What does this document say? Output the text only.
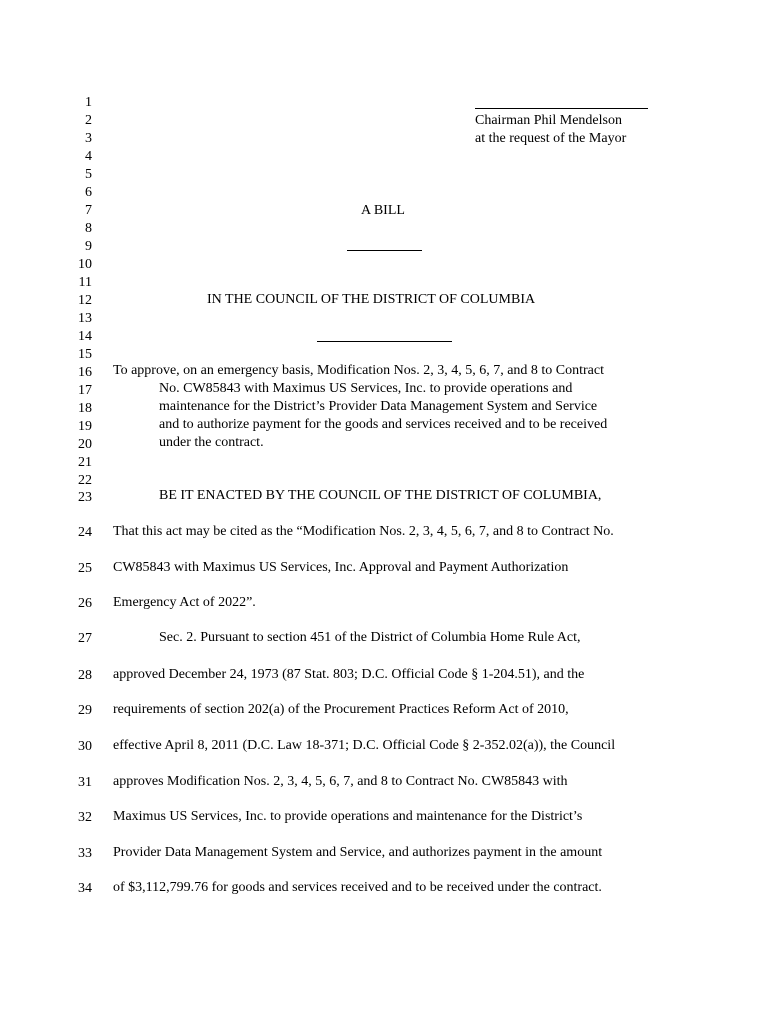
1
2
3
4
5
6
7
8
9
10
11
12
13
14
15
16
17
18
19
20
21
22
23
24
25
26
27
28
29
30
31
32
33
34
Chairman Phil Mendelson
at the request of the Mayor
A BILL
IN THE COUNCIL OF THE DISTRICT OF COLUMBIA
To approve, on an emergency basis, Modification Nos. 2, 3, 4, 5, 6, 7, and 8 to Contract
No. CW85843 with Maximus US Services, Inc. to provide operations and
maintenance for the District’s Provider Data Management System and Service
and to authorize payment for the goods and services received and to be received
under the contract.
BE IT ENACTED BY THE COUNCIL OF THE DISTRICT OF COLUMBIA,
That this act may be cited as the “Modification Nos. 2, 3, 4, 5, 6, 7, and 8 to Contract No.
CW85843 with Maximus US Services, Inc. Approval and Payment Authorization
Emergency Act of 2022”.
Sec. 2. Pursuant to section 451 of the District of Columbia Home Rule Act,
approved December 24, 1973 (87 Stat. 803; D.C. Official Code § 1-204.51), and the
requirements of section 202(a) of the Procurement Practices Reform Act of 2010,
effective April 8, 2011 (D.C. Law 18-371; D.C. Official Code § 2-352.02(a)), the Council
approves Modification Nos. 2, 3, 4, 5, 6, 7, and 8 to Contract No. CW85843 with
Maximus US Services, Inc. to provide operations and maintenance for the District’s
Provider Data Management System and Service, and authorizes payment in the amount
of $3,112,799.76 for goods and services received and to be received under the contract.
